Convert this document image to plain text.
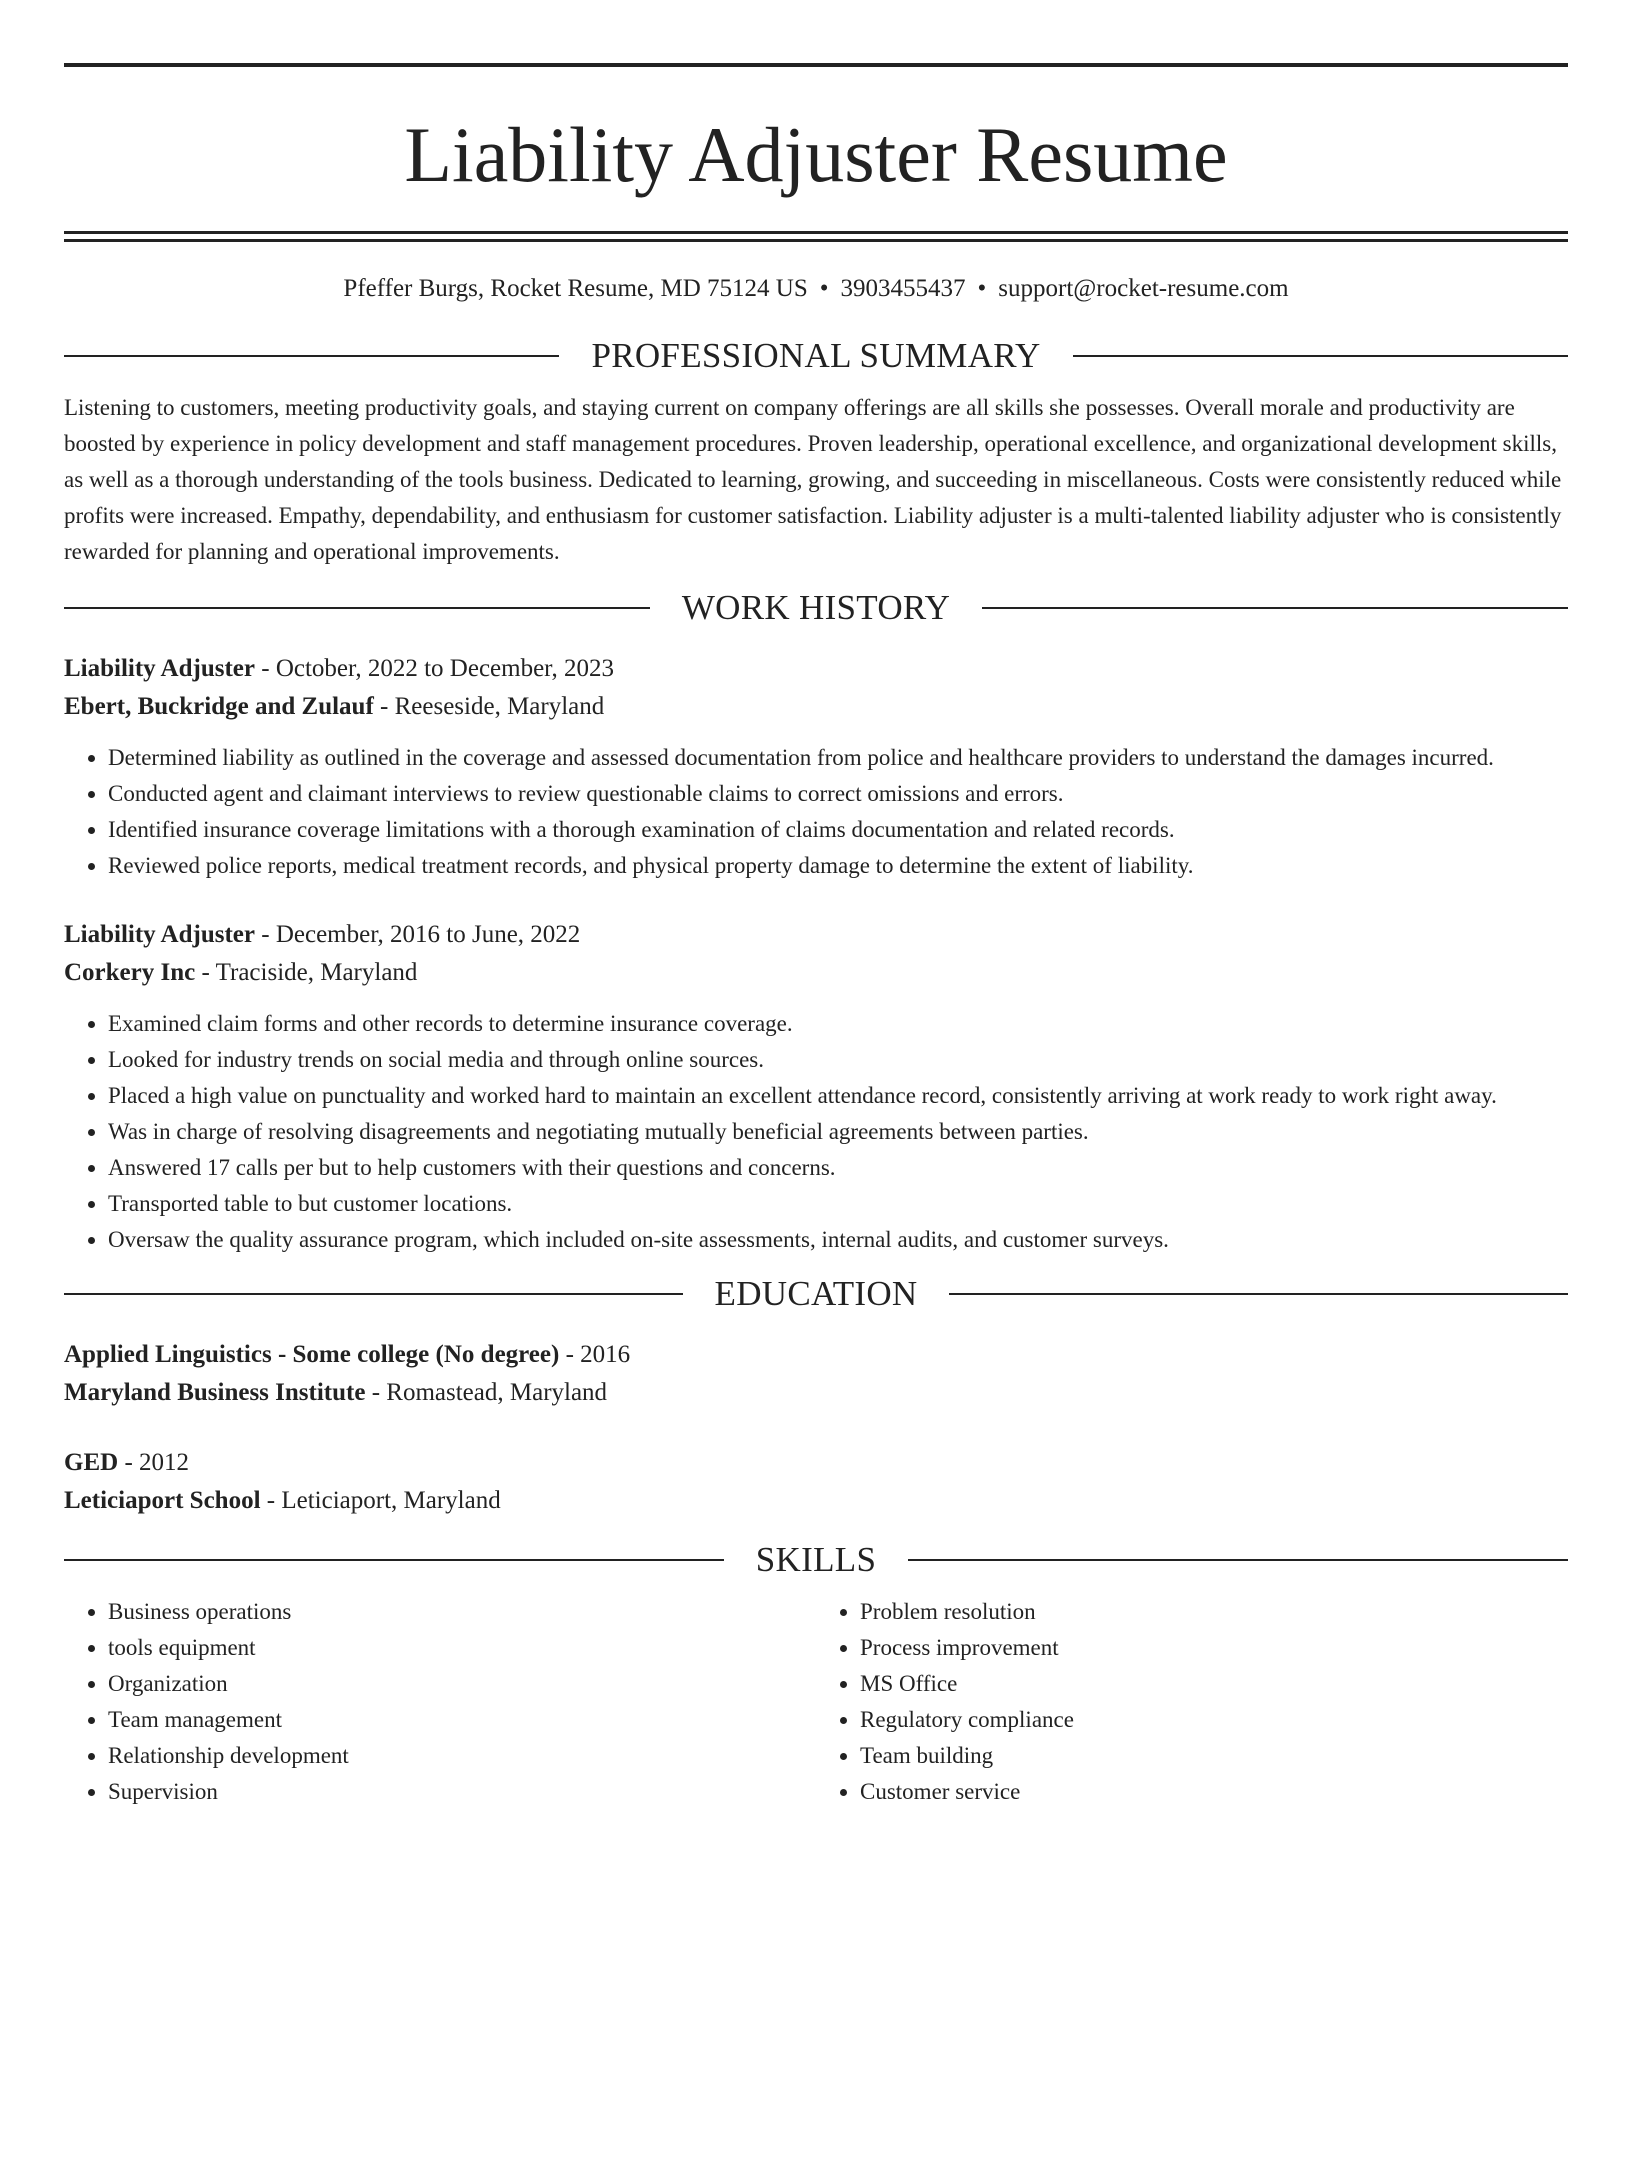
Liability Adjuster Resume
Pfeffer Burgs, Rocket Resume, MD 75124 US • 3903455437 • support@rocket-resume.com
PROFESSIONAL SUMMARY

Listening to customers, meeting productivity goals, and staying current on company offerings are all skills she possesses. Overall morale and productivity are boosted by experience in policy development and staff management procedures. Proven leadership, operational excellence, and organizational development skills, as well as a thorough understanding of the tools business. Dedicated to learning, growing, and succeeding in miscellaneous. Costs were consistently reduced while profits were increased. Empathy, dependability, and enthusiasm for customer satisfaction. Liability adjuster is a multi-talented liability adjuster who is consistently rewarded for planning and operational improvements.

WORK HISTORY
Liability Adjuster - October, 2022 to December, 2023
Ebert, Buckridge and Zulauf - Reeseside, Maryland
• Determined liability as outlined in the coverage and assessed documentation from police and healthcare providers to understand the damages incurred.
• Conducted agent and claimant interviews to review questionable claims to correct omissions and errors.
• Identified insurance coverage limitations with a thorough examination of claims documentation and related records.
• Reviewed police reports, medical treatment records, and physical property damage to determine the extent of liability.
Liability Adjuster - December, 2016 to June, 2022
Corkery Inc - Traciside, Maryland
• Examined claim forms and other records to determine insurance coverage.
• Looked for industry trends on social media and through online sources.
• Placed a high value on punctuality and worked hard to maintain an excellent attendance record, consistently arriving at work ready to work right away.
• Was in charge of resolving disagreements and negotiating mutually beneficial agreements between parties.
• Answered 17 calls per but to help customers with their questions and concerns.
• Transported table to but customer locations.
• Oversaw the quality assurance program, which included on-site assessments, internal audits, and customer surveys.
EDUCATION
Applied Linguistics - Some college (No degree) - 2016
Maryland Business Institute - Romastead, Maryland
GED - 2012
Leticiaport School - Leticiaport, Maryland
SKILLS
• Business operations
• tools equipment
• Organization
• Team management
• Relationship development
• Supervision
• Problem resolution
• Process improvement
• MS Office
• Regulatory compliance
• Team building
• Customer service
